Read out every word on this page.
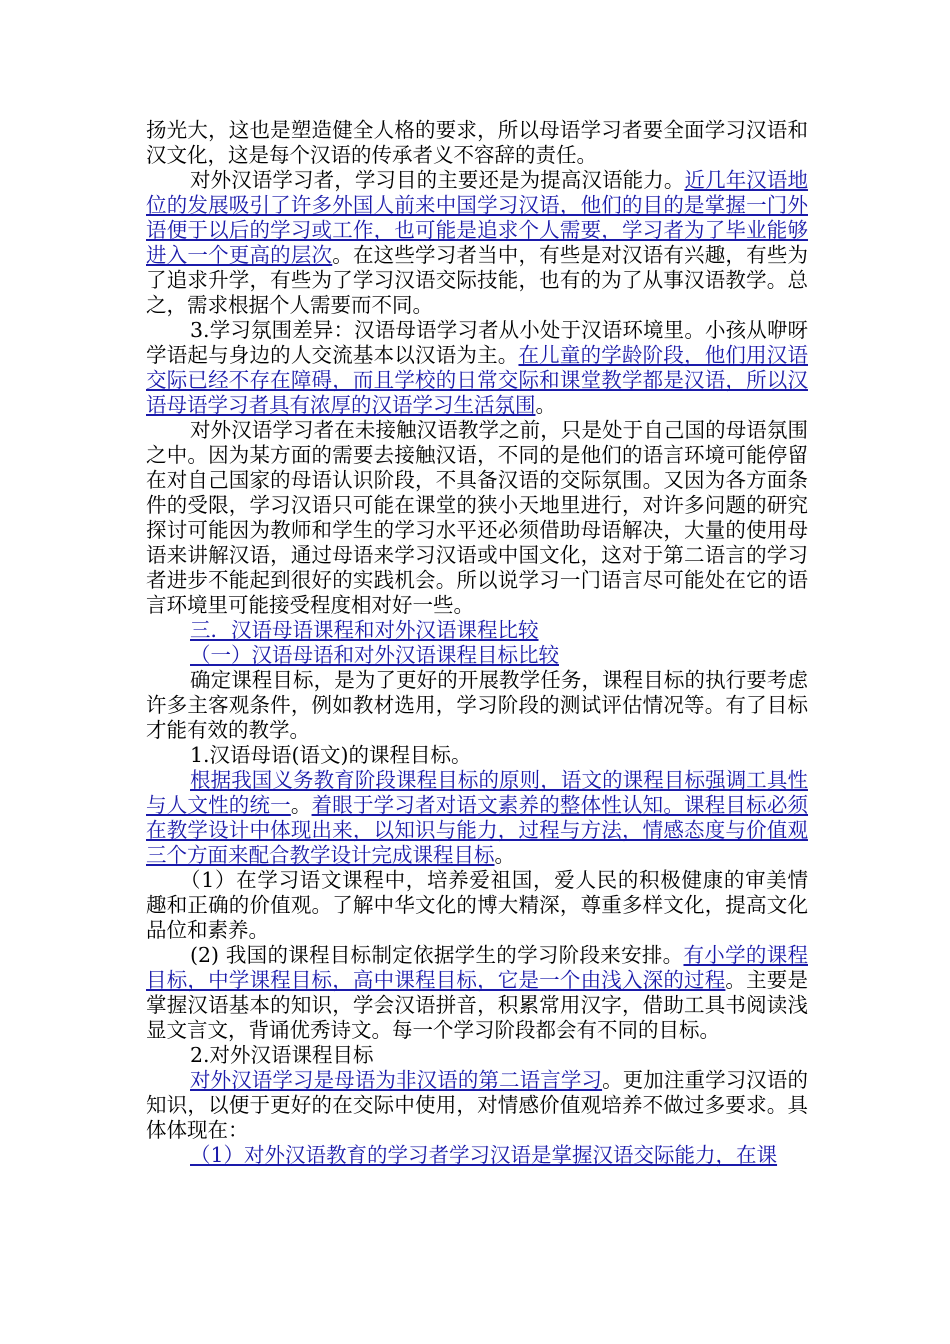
扬光大，这也是塑造健全人格的要求，所以母语学习者要全面学习汉语和汉文化，这是每个汉语的传承者义不容辞的责任。

对外汉语学习者，学习目的主要还是为提高汉语能力。近几年汉语地位的发展吸引了许多外国人前来中国学习汉语，他们的目的是掌握一门外语便于以后的学习或工作，也可能是追求个人需要，学习者为了毕业能够进入一个更高的层次。在这些学习者当中，有些是对汉语有兴趣，有些为了追求升学，有些为了学习汉语交际技能，也有的为了从事汉语教学。总之，需求根据个人需要而不同。

3.学习氛围差异：汉语母语学习者从小处于汉语环境里。小孩从咿呀学语起与身边的人交流基本以汉语为主。在儿童的学龄阶段，他们用汉语交际已经不存在障碍，而且学校的日常交际和课堂教学都是汉语，所以汉语母语学习者具有浓厚的汉语学习生活氛围。

对外汉语学习者在未接触汉语教学之前，只是处于自己国的母语氛围之中。因为某方面的需要去接触汉语，不同的是他们的语言环境可能停留在对自己国家的母语认识阶段，不具备汉语的交际氛围。又因为各方面条件的受限，学习汉语只可能在课堂的狭小天地里进行，对许多问题的研究探讨可能因为教师和学生的学习水平还必须借助母语解决，大量的使用母语来讲解汉语，通过母语来学习汉语或中国文化，这对于第二语言的学习者进步不能起到很好的实践机会。所以说学习一门语言尽可能处在它的语言环境里可能接受程度相对好一些。

三．汉语母语课程和对外汉语课程比较

（一）汉语母语和对外汉语课程目标比较

确定课程目标，是为了更好的开展教学任务，课程目标的执行要考虑许多主客观条件，例如教材选用，学习阶段的测试评估情况等。有了目标才能有效的教学。

1.汉语母语(语文)的课程目标。

根据我国义务教育阶段课程目标的原则，语文的课程目标强调工具性与人文性的统一。着眼于学习者对语文素养的整体性认知。课程目标必须在教学设计中体现出来，以知识与能力，过程与方法，情感态度与价值观三个方面来配合教学设计完成课程目标。

（1）在学习语文课程中，培养爱祖国，爱人民的积极健康的审美情趣和正确的价值观。了解中华文化的博大精深，尊重多样文化，提高文化品位和素养。

(2) 我国的课程目标制定依据学生的学习阶段来安排。有小学的课程目标，中学课程目标，高中课程目标，它是一个由浅入深的过程。主要是掌握汉语基本的知识，学会汉语拼音，积累常用汉字，借助工具书阅读浅显文言文，背诵优秀诗文。每一个学习阶段都会有不同的目标。

2.对外汉语课程目标

对外汉语学习是母语为非汉语的第二语言学习。更加注重学习汉语的知识，以便于更好的在交际中使用，对情感价值观培养不做过多要求。具体体现在：

（1）对外汉语教育的学习者学习汉语是掌握汉语交际能力，在课
